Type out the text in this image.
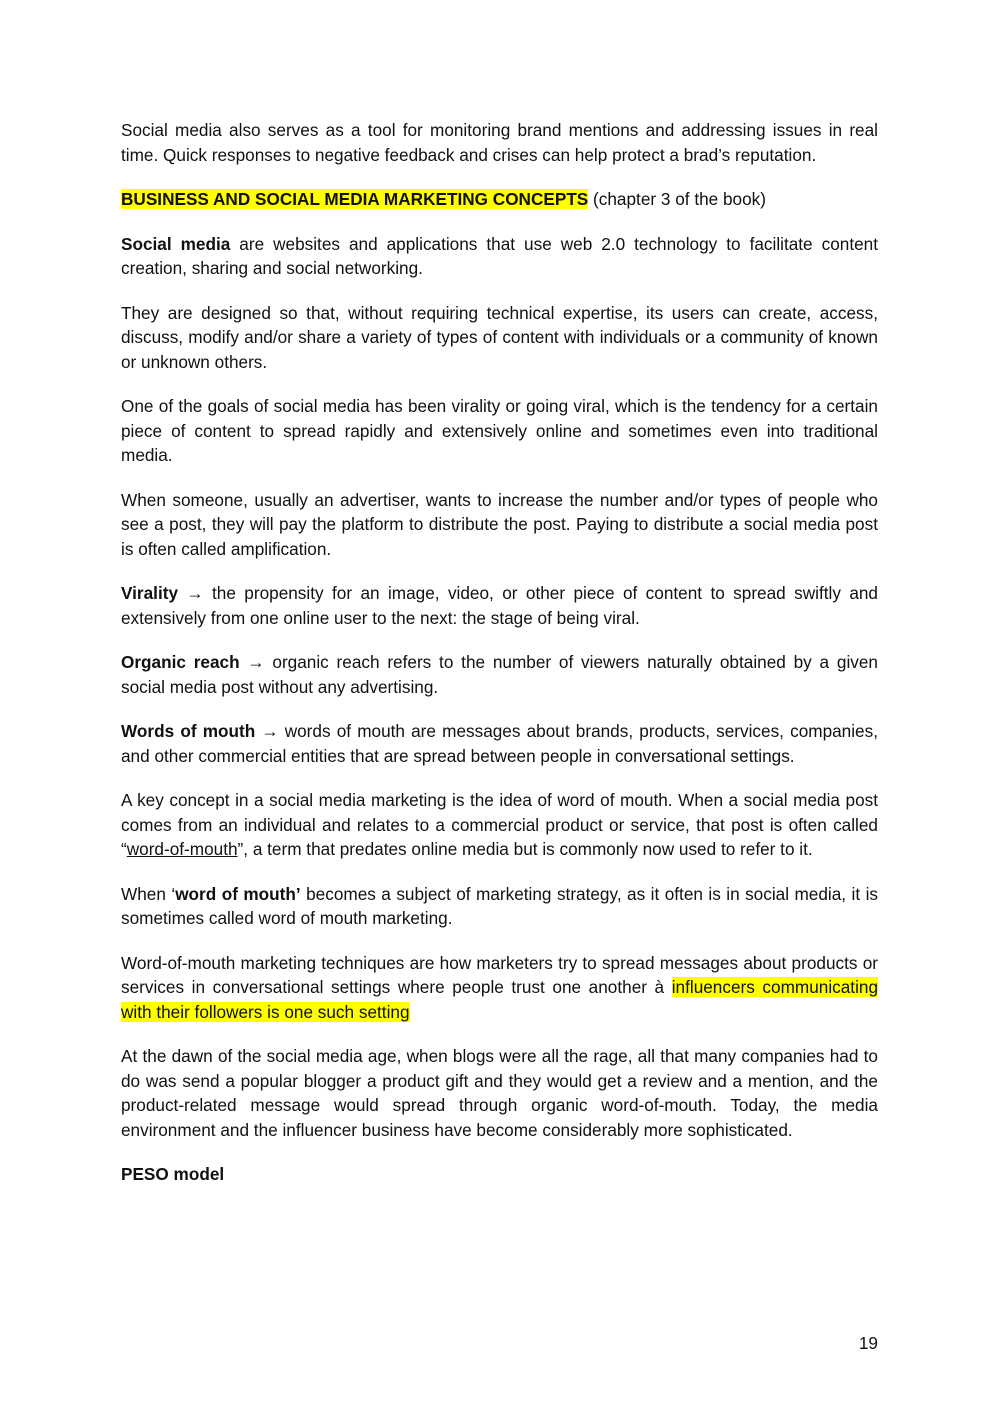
Social media also serves as a tool for monitoring brand mentions and addressing issues in real time. Quick responses to negative feedback and crises can help protect a brad’s reputation.

BUSINESS AND SOCIAL MEDIA MARKETING CONCEPTS (chapter 3 of the book)

Social media are websites and applications that use web 2.0 technology to facilitate content creation, sharing and social networking.

They are designed so that, without requiring technical expertise, its users can create, access, discuss, modify and/or share a variety of types of content with individuals or a community of known or unknown others.

One of the goals of social media has been virality or going viral, which is the tendency for a certain piece of content to spread rapidly and extensively online and sometimes even into traditional media.

When someone, usually an advertiser, wants to increase the number and/or types of people who see a post, they will pay the platform to distribute the post. Paying to distribute a social media post is often called amplification.

Virality → the propensity for an image, video, or other piece of content to spread swiftly and extensively from one online user to the next: the stage of being viral.

Organic reach → organic reach refers to the number of viewers naturally obtained by a given social media post without any advertising.

Words of mouth → words of mouth are messages about brands, products, services, companies, and other commercial entities that are spread between people in conversational settings.

A key concept in a social media marketing is the idea of word of mouth. When a social media post comes from an individual and relates to a commercial product or service, that post is often called “word-of-mouth”, a term that predates online media but is commonly now used to refer to it.

When ‘word of mouth’ becomes a subject of marketing strategy, as it often is in social media, it is sometimes called word of mouth marketing.

Word-of-mouth marketing techniques are how marketers try to spread messages about products or services in conversational settings where people trust one another à influencers communicating with their followers is one such setting

At the dawn of the social media age, when blogs were all the rage, all that many companies had to do was send a popular blogger a product gift and they would get a review and a mention, and the product-related message would spread through organic word-of-mouth. Today, the media environment and the influencer business have become considerably more sophisticated.

PESO model

19
